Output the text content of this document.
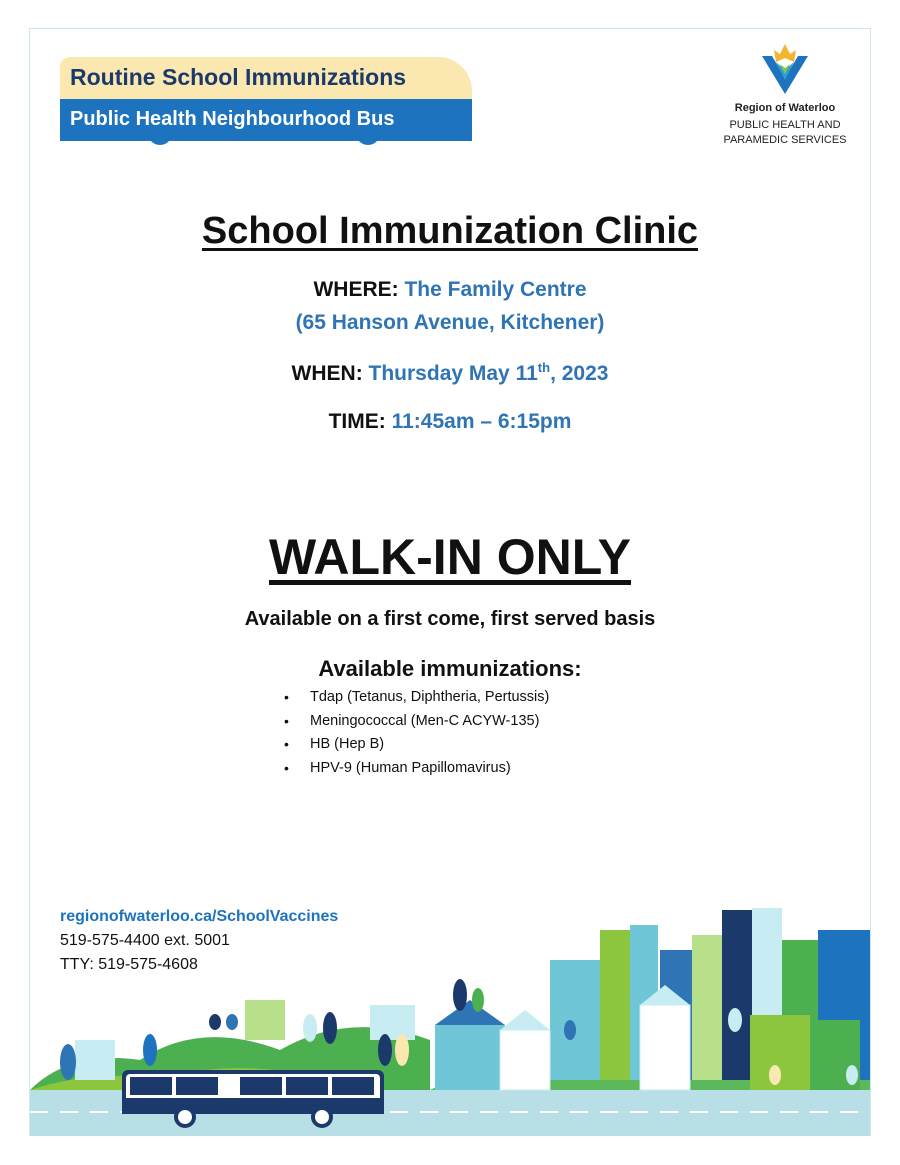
Routine School Immunizations
Public Health Neighbourhood Bus	Region of Waterloo
PUBLIC HEALTH AND
PARAMEDIC SERVICES
School Immunization Clinic
WHERE: The Family Centre
(65 Hanson Avenue, Kitchener)
WHEN: Thursday May 11th, 2023
TIME: 11:45am – 6:15pm
WALK-IN ONLY
Available on a first come, first served basis
Available immunizations:
• Tdap (Tetanus, Diphtheria, Pertussis)
• Meningococcal (Men-C ACYW-135)
• HB (Hep B)
• HPV-9 (Human Papillomavirus)
regionofwaterloo.ca/SchoolVaccines
519-575-4400 ext. 5001
TTY: 519-575-4608
